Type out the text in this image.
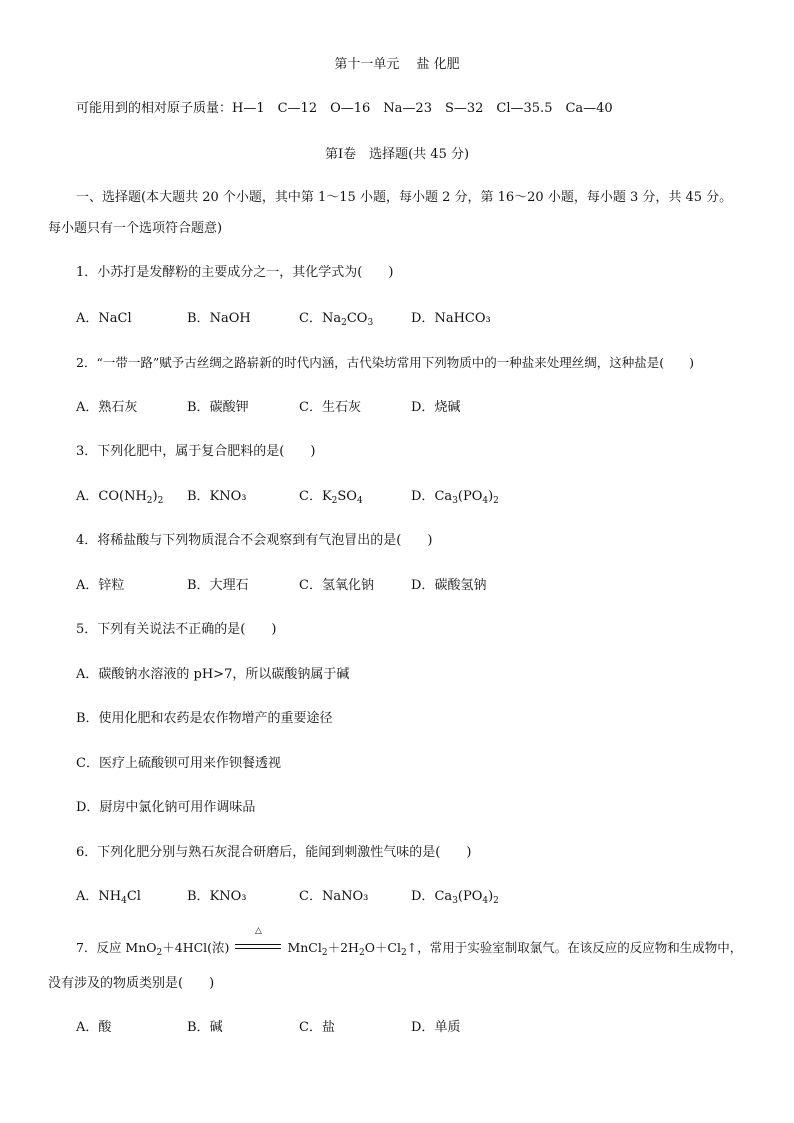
第十一单元　 盐 化肥
可能用到的相对原子质量：H—1　C—12　O—16　Na—23　S—32　Cl—35.5　Ca—40
第Ⅰ卷　选择题(共 45 分)
一、选择题(本大题共 20 个小题，其中第 1～15 小题，每小题 2 分，第 16～20 小题，每小题 3 分，共 45 分。
每小题只有一个选项符合题意)
1．小苏打是发酵粉的主要成分之一，其化学式为(　　)
A．NaCl	B．NaOH	C．$Na_2CO_3$	D．NaHCO₃
2．“一带一路”赋予古丝绸之路崭新的时代内涵，古代染坊常用下列物质中的一种盐来处理丝绸，这种盐是(　　)
A．熟石灰	B．碳酸钾	C．生石灰	D．烧碱
3．下列化肥中，属于复合肥料的是(　　)
A．$CO(NH_2)_2$ B．KNO₃	C．$K_2SO_4$	D．$Ca_3(PO_4)_2$
4．将稀盐酸与下列物质混合不会观察到有气泡冒出的是(　　)
A．锌粒	B．大理石	C．氢氧化钠	D．碳酸氢钠
5．下列有关说法不正确的是(　　)
A．碳酸钠水溶液的 pH>7，所以碳酸钠属于碱
B．使用化肥和农药是农作物增产的重要途径
C．医疗上硫酸钡可用来作钡餐透视
D．厨房中氯化钠可用作调味品
6．下列化肥分别与熟石灰混合研磨后，能闻到刺激性气味的是(　　)
A．$NH_4Cl$	B．KNO₃	C．NaNO₃	D．$Ca_3(PO_4)_2$
7．反应 MnO$_2$＋4HCl(浓)
△
$MnCl_2+2H_2O+Cl_2↑$，常用于实验室制取氯气。在该反应的反应物和生成物中，
没有涉及的物质类别是(　　)
A．酸	B．碱	C．盐	D．单质
